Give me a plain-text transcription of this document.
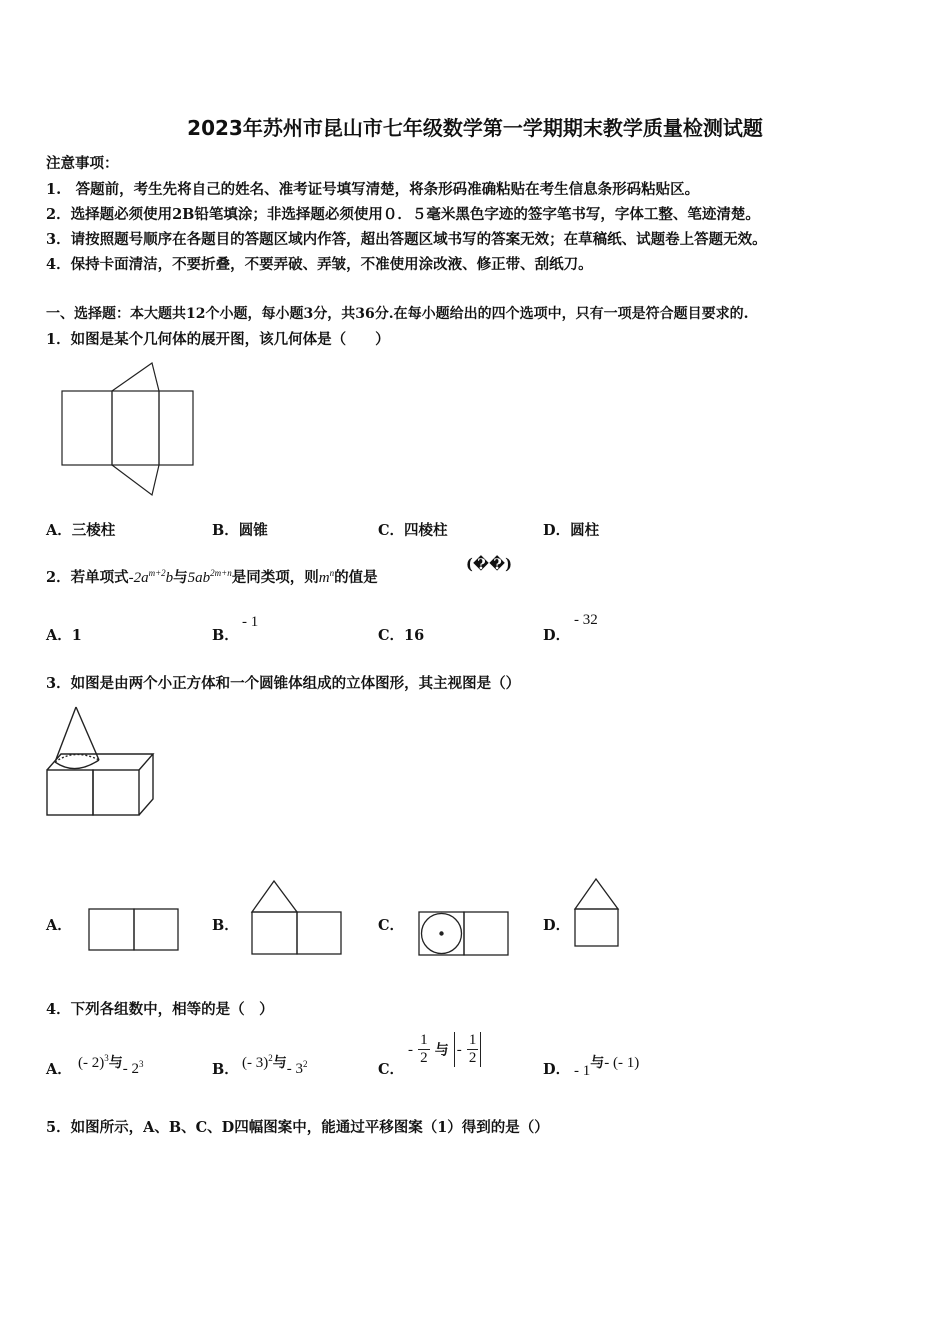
2023年苏州市昆山市七年级数学第一学期期末教学质量检测试题
注意事项：
1.　答题前，考生先将自己的姓名、准考证号填写清楚，将条形码准确粘贴在考生信息条形码粘贴区。
2．选择题必须使用2B铅笔填涂；非选择题必须使用０．５毫米黑色字迹的签字笔书写，字体工整、笔迹清楚。
3．请按照题号顺序在各题目的答题区域内作答，超出答题区域书写的答案无效；在草稿纸、试题卷上答题无效。
4．保持卡面清洁，不要折叠，不要弄破、弄皱，不准使用涂改液、修正带、刮纸刀。
一、选择题：本大题共12个小题，每小题3分，共36分.在每小题给出的四个选项中，只有一项是符合题目要求的.
1．如图是某个几何体的展开图，该几何体是（　　）
A．三棱柱	B．圆锥	C．四棱柱	D．圆柱
2．若单项式$-2a^{m+2}b$与$5ab^{2m+n}$是同类项，则$m^n$的值是
(��)
A．1	B．
- 1
C．16	D．
- 32
3．如图是由两个小正方体和一个圆锥体组成的立体图形，其主视图是（）
A．	B．	C．	D．
4．下列各组数中，相等的是（　）
A． (- 2)$^3$与- $2^3$	B． (- 3)$^2$与- $3^2$	C．
- $\frac{1}{2}$ 与 - $\frac{1}{2}$
D． - 1与- (- 1)
5．如图所示，A、B、C、D四幅图案中，能通过平移图案（1）得到的是（）
